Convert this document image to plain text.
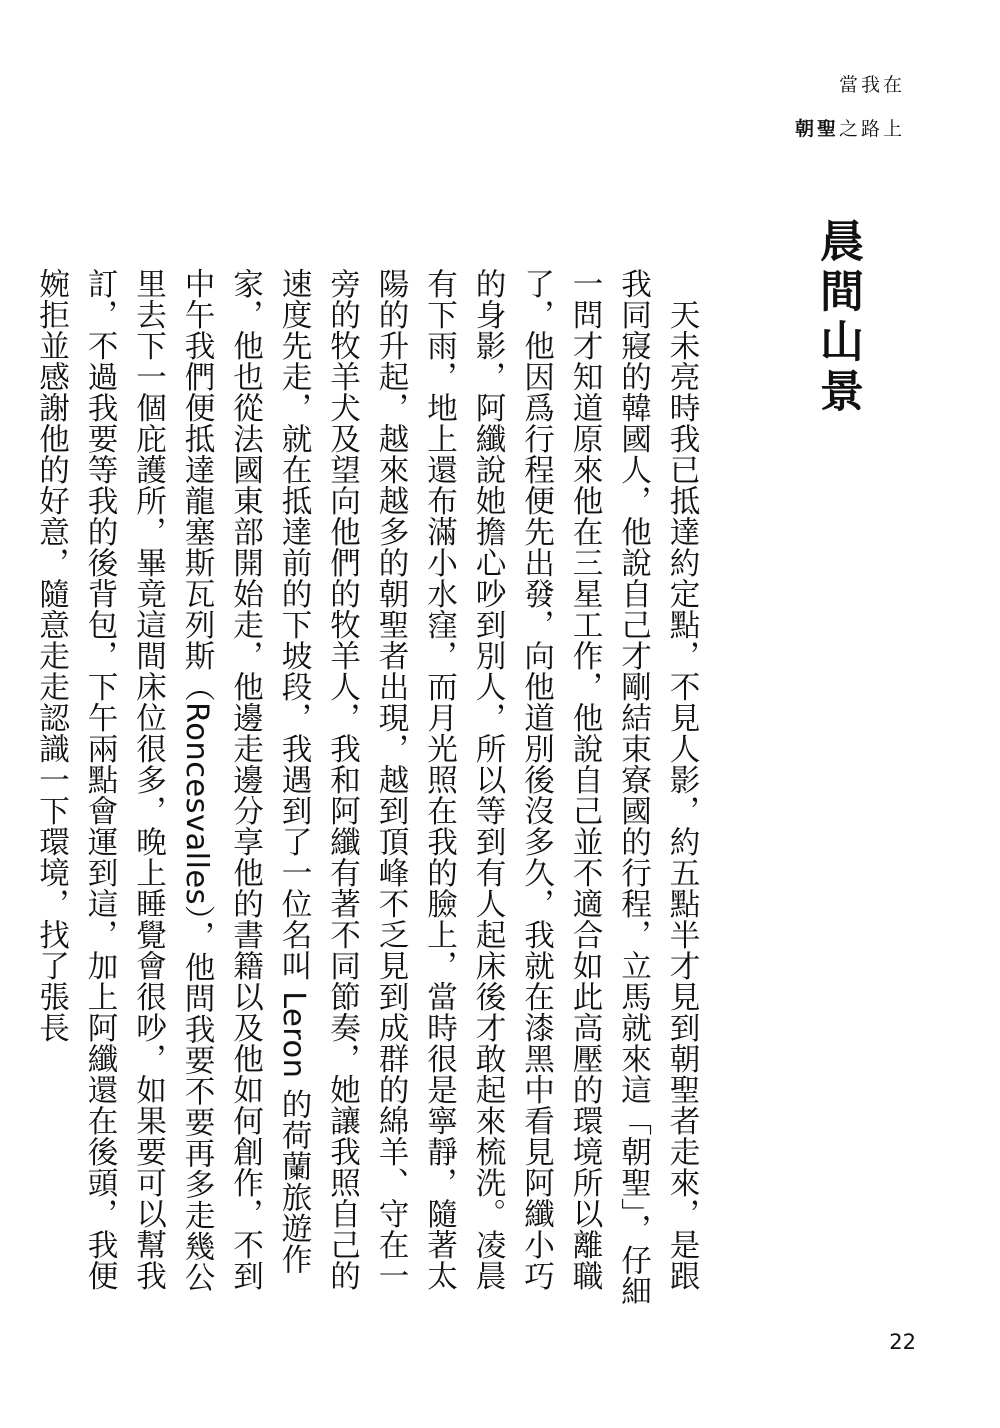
當我在
朝聖之路上
晨間山景

天未亮時我已抵達約定點，不見人影，約五點半才見到朝聖者走來，是跟我同寢的韓國人，他說自己才剛結束寮國的行程，立馬就來這「朝聖」，仔細一問才知道原來他在三星工作，他說自己並不適合如此高壓的環境所以離職了，他因爲行程便先出發，向他道別後沒多久，我就在漆黑中看見阿纖小巧的身影，阿纖說她擔心吵到別人，所以等到有人起床後才敢起來梳洗。凌晨有下雨，地上還布滿小水窪，而月光照在我的臉上，當時很是寧靜，隨著太陽的升起，越來越多的朝聖者出現，越到頂峰不乏見到成群的綿羊、守在一旁的牧羊犬及望向他們的牧羊人，我和阿纖有著不同節奏，她讓我照自己的速度先走，就在抵達前的下坡段，我遇到了一位名叫 Leron 的荷蘭旅遊作家，他也從法國東部開始走，他邊走邊分享他的書籍以及他如何創作，不到中午我們便抵達龍塞斯瓦列斯（Roncesvalles），他問我要不要再多走幾公里去下一個庇護所，畢竟這間床位很多，晚上睡覺會很吵，如果要可以幫我訂，不過我要等我的後背包，下午兩點會運到這，加上阿纖還在後頭，我便婉拒並感謝他的好意，隨意走走認識一下環境，找了張長

22
